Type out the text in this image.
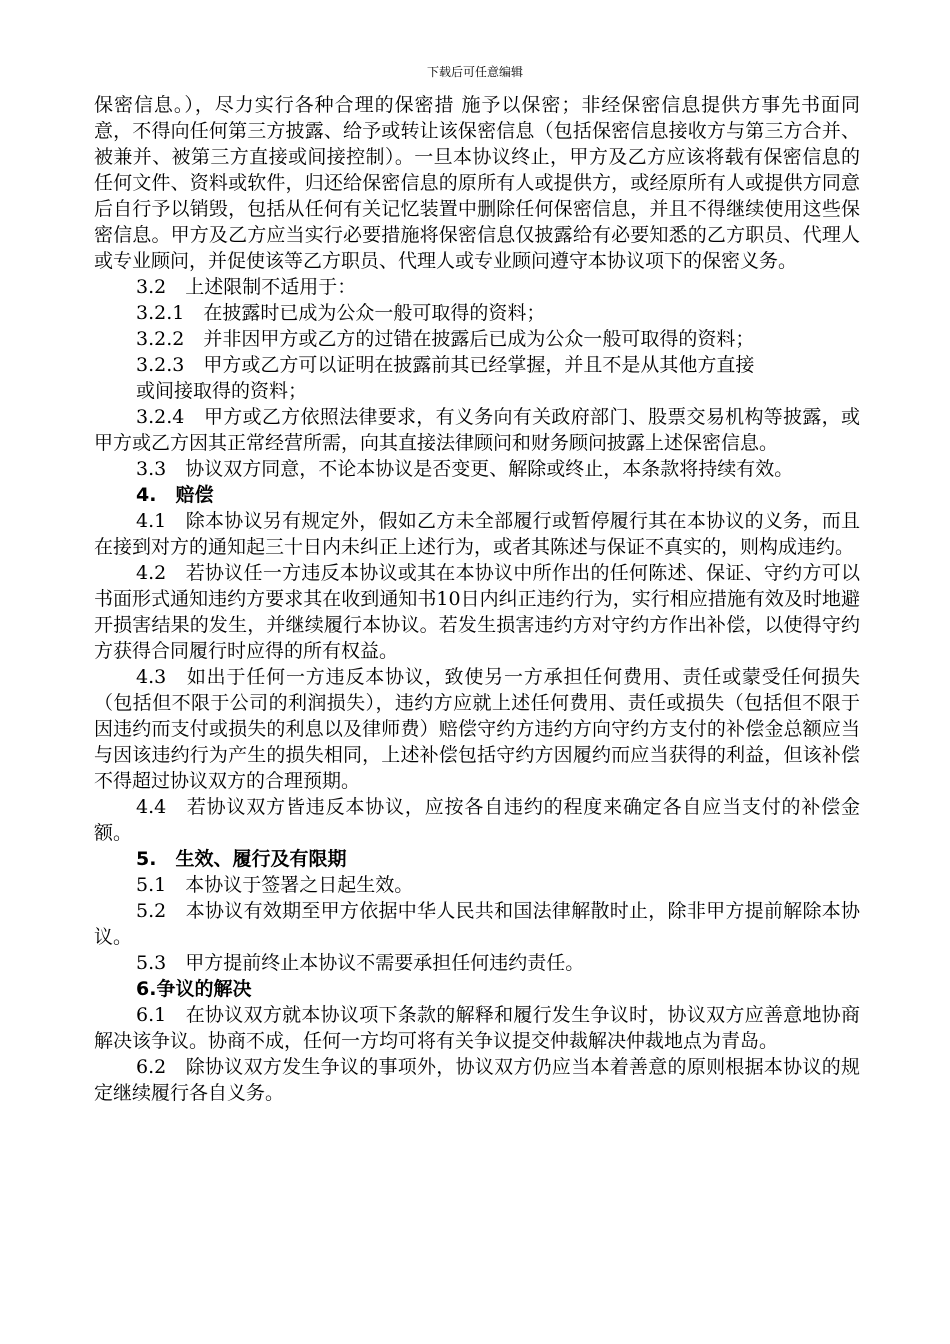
下载后可任意编辑

保密信息。），尽力实行各种合理的保密措 施予以保密；非经保密信息提供方事先书面同意，不得向任何第三方披露、给予或转让该保密信息（包括保密信息接收方与第三方合并、被兼并、被第三方直接或间接控制）。一旦本协议终止，甲方及乙方应该将载有保密信息的任何文件、资料或软件，归还给保密信息的原所有人或提供方，或经原所有人或提供方同意后自行予以销毁，包括从任何有关记忆装置中删除任何保密信息，并且不得继续使用这些保密信息。甲方及乙方应当实行必要措施将保密信息仅披露给有必要知悉的乙方职员、代理人或专业顾问，并促使该等乙方职员、代理人或专业顾问遵守本协议项下的保密义务。

3.2　上述限制不适用于：

3.2.1　在披露时已成为公众一般可取得的资料；

3.2.2　并非因甲方或乙方的过错在披露后已成为公众一般可取得的资料；

3.2.3　甲方或乙方可以证明在披露前其已经掌握，并且不是从其他方直接

或间接取得的资料；

3.2.4　甲方或乙方依照法律要求，有义务向有关政府部门、股票交易机构等披露，或甲方或乙方因其正常经营所需，向其直接法律顾问和财务顾问披露上述保密信息。

3.3　协议双方同意，不论本协议是否变更、解除或终止，本条款将持续有效。

4.　赔偿

4.1　除本协议另有规定外，假如乙方未全部履行或暂停履行其在本协议的义务，而且在接到对方的通知起三十日内未纠正上述行为，或者其陈述与保证不真实的，则构成违约。

4.2　若协议任一方违反本协议或其在本协议中所作出的任何陈述、保证、守约方可以书面形式通知违约方要求其在收到通知书10日内纠正违约行为，实行相应措施有效及时地避开损害结果的发生，并继续履行本协议。若发生损害违约方对守约方作出补偿，以使得守约方获得合同履行时应得的所有权益。

4.3　如出于任何一方违反本协议，致使另一方承担任何费用、责任或蒙受任何损失（包括但不限于公司的利润损失），违约方应就上述任何费用、责任或损失（包括但不限于因违约而支付或损失的利息以及律师费）赔偿守约方违约方向守约方支付的补偿金总额应当与因该违约行为产生的损失相同，上述补偿包括守约方因履约而应当获得的利益，但该补偿不得超过协议双方的合理预期。

4.4　若协议双方皆违反本协议，应按各自违约的程度来确定各自应当支付的补偿金额。

5.　生效、履行及有限期

5.1　本协议于签署之日起生效。

5.2　本协议有效期至甲方依据中华人民共和国法律解散时止，除非甲方提前解除本协议。

5.3　甲方提前终止本协议不需要承担任何违约责任。

6.争议的解决

6.1　在协议双方就本协议项下条款的解释和履行发生争议时，协议双方应善意地协商解决该争议。协商不成，任何一方均可将有关争议提交仲裁解决仲裁地点为青岛。

6.2　除协议双方发生争议的事项外，协议双方仍应当本着善意的原则根据本协议的规定继续履行各自义务。
